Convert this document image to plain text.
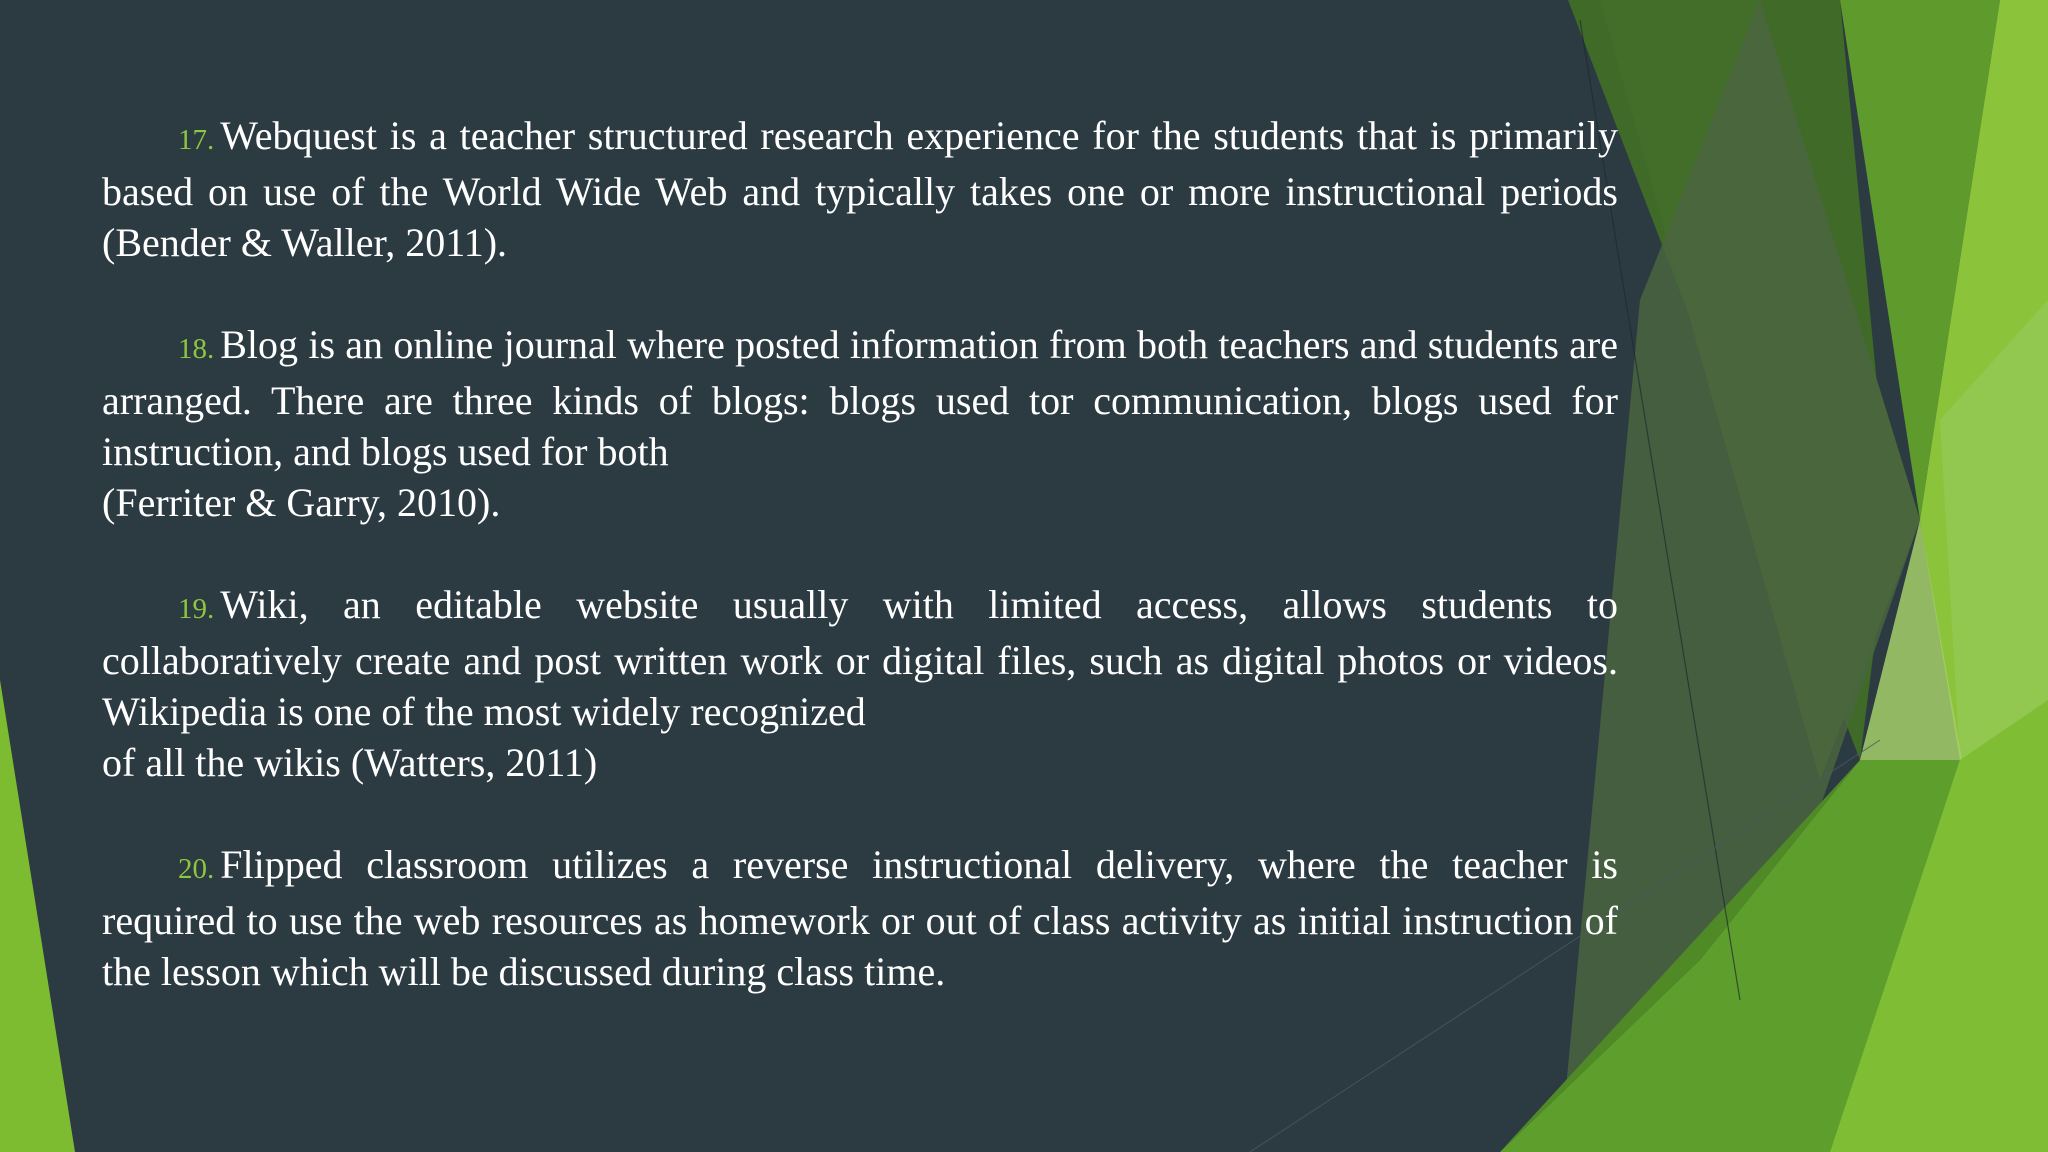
17. Webquest is a teacher structured research experience for the students that is primarily based on use of the World Wide Web and typically takes one or more instructional periods (Bender & Waller, 2011).

18. Blog is an online journal where posted information from both teachers and students are arranged. There are three kinds of blogs: blogs used tor communication, blogs used for instruction, and blogs used for both
(Ferriter & Garry, 2010).

19. Wiki, an editable website usually with limited access, allows students to collaboratively create and post written work or digital files, such as digital photos or videos. Wikipedia is one of the most widely recognized
of all the wikis (Watters, 2011)

20. Flipped classroom utilizes a reverse instructional delivery, where the teacher is required to use the web resources as homework or out of class activity as initial instruction of the lesson which will be discussed during class time.
